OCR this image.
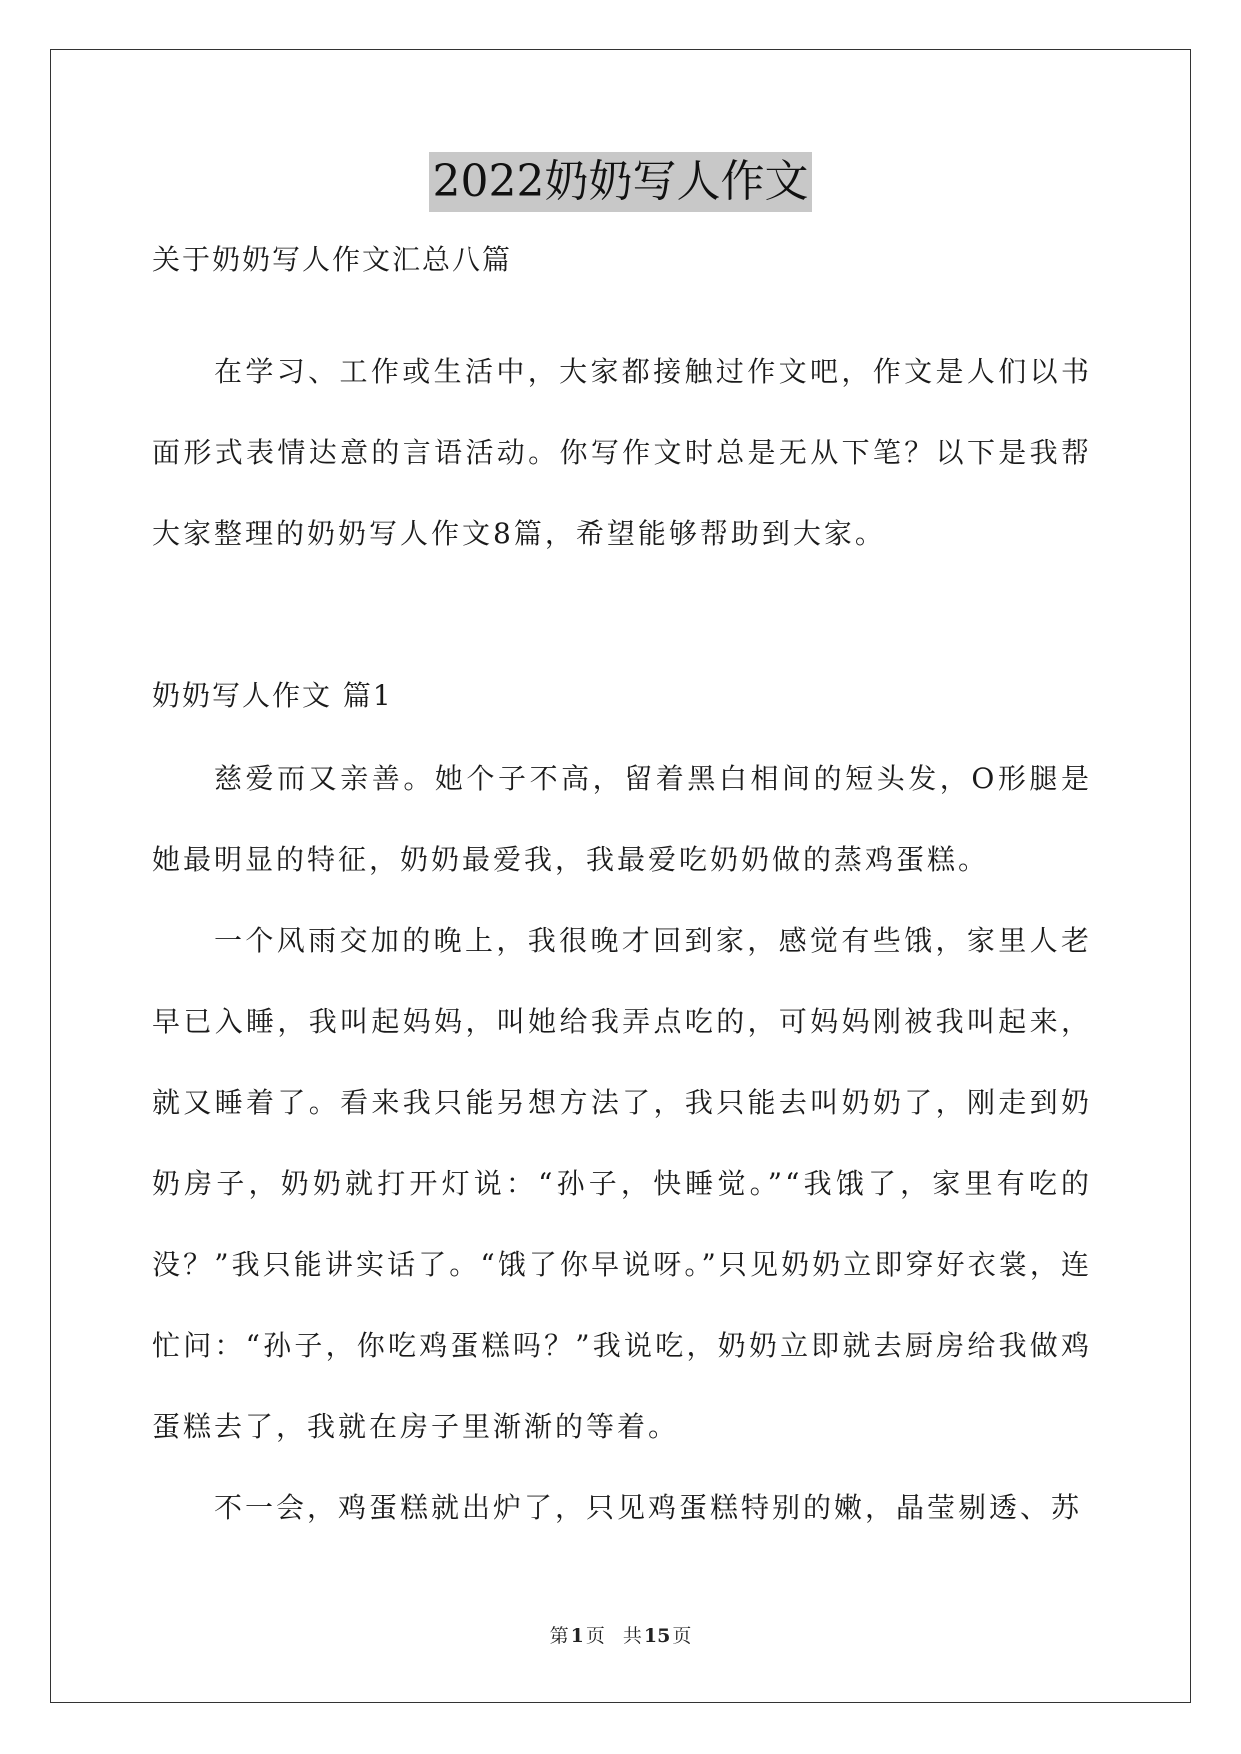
2022奶奶写人作文
关于奶奶写人作文汇总八篇

在学习、工作或生活中，大家都接触过作文吧，作文是人们以书面形式表情达意的言语活动。你写作文时总是无从下笔？以下是我帮大家整理的奶奶写人作文8篇，希望能够帮助到大家。

奶奶写人作文 篇1

慈爱而又亲善。她个子不高，留着黑白相间的短头发，O形腿是她最明显的特征，奶奶最爱我，我最爱吃奶奶做的蒸鸡蛋糕。

一个风雨交加的晚上，我很晚才回到家，感觉有些饿，家里人老早已入睡，我叫起妈妈，叫她给我弄点吃的，可妈妈刚被我叫起来，就又睡着了。看来我只能另想方法了，我只能去叫奶奶了，刚走到奶奶房子，奶奶就打开灯说：“孙子，快睡觉。”“我饿了，家里有吃的没？”我只能讲实话了。“饿了你早说呀。”只见奶奶立即穿好衣裳，连忙问：“孙子，你吃鸡蛋糕吗？”我说吃，奶奶立即就去厨房给我做鸡蛋糕去了，我就在房子里渐渐的等着。

不一会，鸡蛋糕就出炉了，只见鸡蛋糕特别的嫩，晶莹剔透、苏

第 1 页 共 15 页
